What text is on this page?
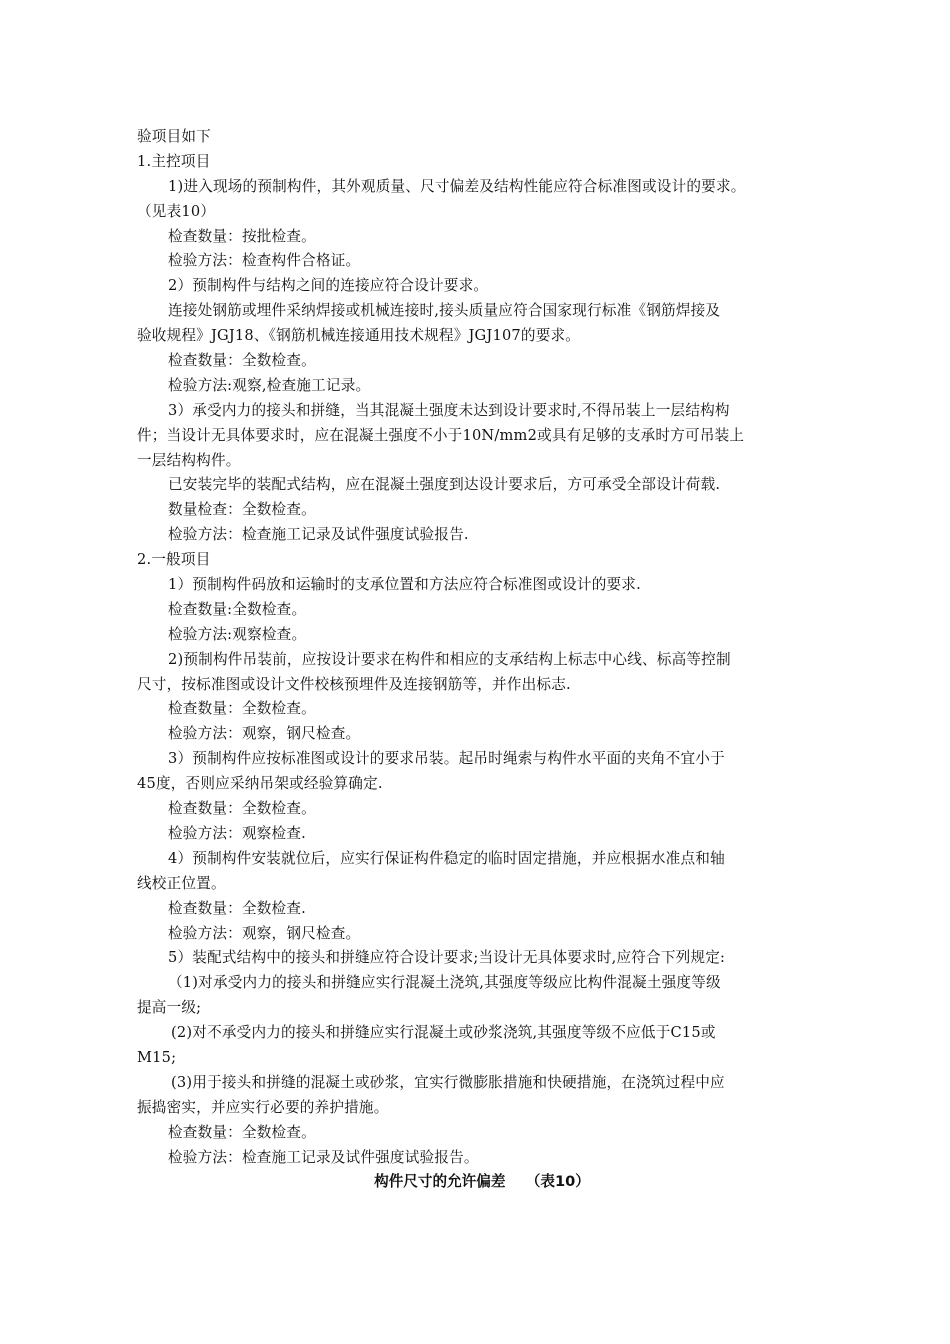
验项目如下
1.主控项目
1)进入现场的预制构件，其外观质量、尺寸偏差及结构性能应符合标准图或设计的要求。
（见表10）
检查数量：按批检查。
检验方法：检查构件合格证。
2）预制构件与结构之间的连接应符合设计要求。
连接处钢筋或埋件采纳焊接或机械连接时,接头质量应符合国家现行标准《钢筋焊接及
验收规程》JGJ18、《钢筋机械连接通用技术规程》JGJ107的要求。
检查数量：全数检查。
检验方法:观察,检查施工记录。
3）承受内力的接头和拼缝，当其混凝土强度未达到设计要求时,不得吊装上一层结构构
件；当设计无具体要求时，应在混凝土强度不小于10N/mm2或具有足够的支承时方可吊装上
一层结构构件。
已安装完毕的装配式结构，应在混凝土强度到达设计要求后，方可承受全部设计荷载.
数量检查：全数检查。
检验方法：检查施工记录及试件强度试验报告.
2.一般项目
1）预制构件码放和运输时的支承位置和方法应符合标准图或设计的要求.
检查数量:全数检查。
检验方法:观察检查。
2)预制构件吊装前，应按设计要求在构件和相应的支承结构上标志中心线、标高等控制
尺寸，按标准图或设计文件校核预埋件及连接钢筋等，并作出标志.
检查数量：全数检查。
检验方法：观察，钢尺检查。
3）预制构件应按标准图或设计的要求吊装。起吊时绳索与构件水平面的夹角不宜小于
45度，否则应采纳吊架或经验算确定.
检查数量：全数检查。
检验方法：观察检查.
4）预制构件安装就位后，应实行保证构件稳定的临时固定措施，并应根据水准点和轴
线校正位置。
检查数量：全数检查.
检验方法：观察，钢尺检查。
5）装配式结构中的接头和拼缝应符合设计要求;当设计无具体要求时,应符合下列规定:
（1)对承受内力的接头和拼缝应实行混凝土浇筑,其强度等级应比构件混凝土强度等级
提高一级;
(2)对不承受内力的接头和拼缝应实行混凝土或砂浆浇筑,其强度等级不应低于C15或
M15;
(3)用于接头和拼缝的混凝土或砂浆，宜实行微膨胀措施和快硬措施，在浇筑过程中应
振捣密实，并应实行必要的养护措施。
检查数量：全数检查。
检验方法：检查施工记录及试件强度试验报告。
构件尺寸的允许偏差    （表10）
